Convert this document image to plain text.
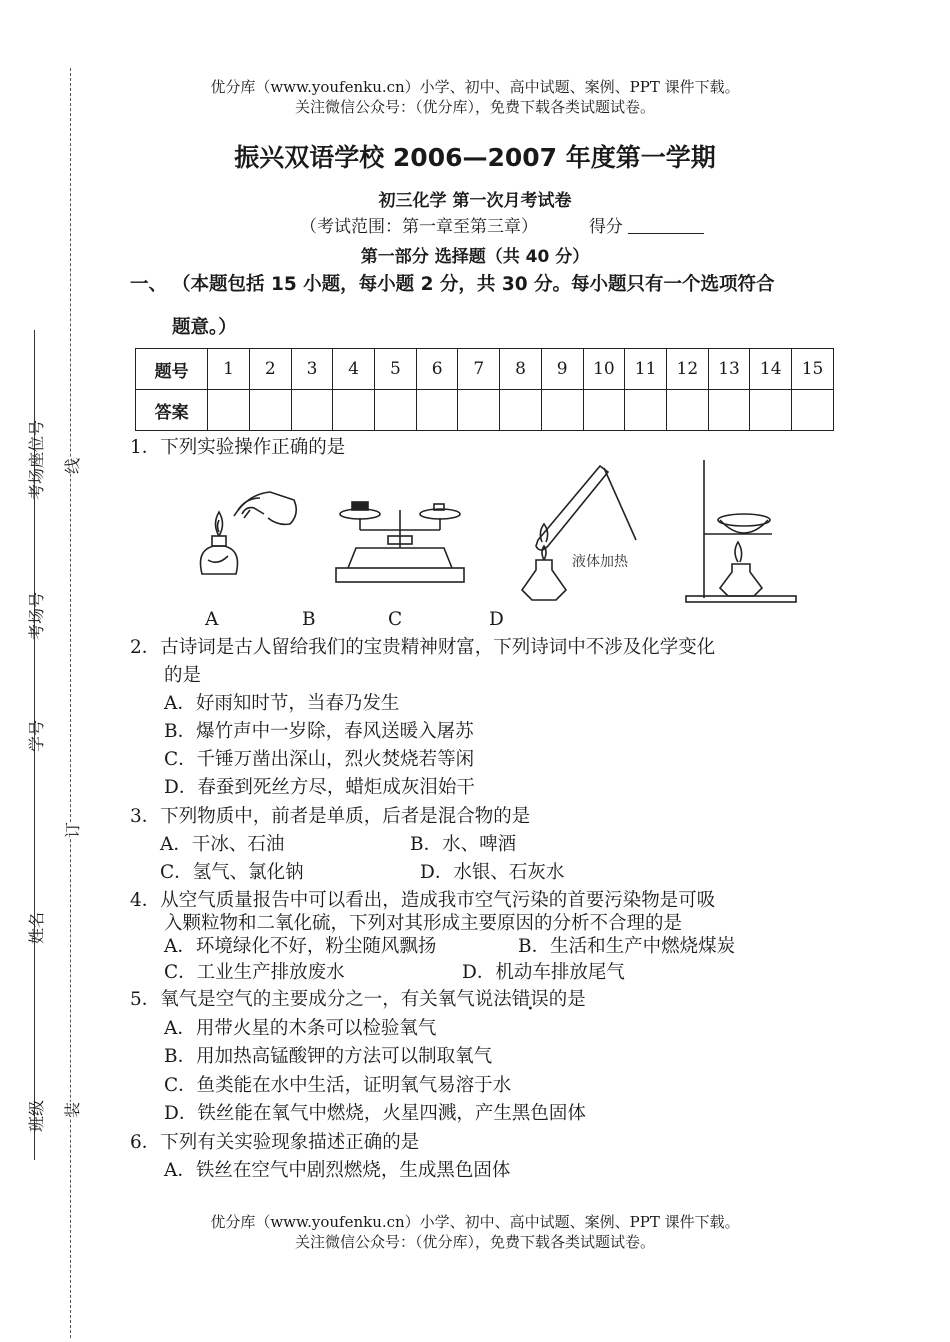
考场座位号
考场号
学号
姓名
班级
线
订
装
优分库（www.youfenku.cn）小学、初中、高中试题、案例、PPT 课件下载。
关注微信公众号：（优分库），免费下载各类试题试卷。
振兴双语学校 2006—2007 年度第一学期
初三化学 第一次月考试卷
（考试范围：第一章至第三章）	得分
第一部分 选择题（共 40 分）
一、 （本题包括 15 小题，每小题 2 分，共 30 分。每小题只有一个选项符合
题意。）
题号	1	2	3	4	5	6	7	8	9	10	11	12	13	14	15
答案															
1．下列实验操作正确的是
液体加热
A	B	C	D
2．古诗词是古人留给我们的宝贵精神财富，下列诗词中不涉及化学变化
的是
A．好雨知时节，当春乃发生
B．爆竹声中一岁除，春风送暖入屠苏
C．千锤万凿出深山，烈火焚烧若等闲
D．春蚕到死丝方尽，蜡炬成灰泪始干
3．下列物质中，前者是单质，后者是混合物的是
A．干冰、石油	B．水、啤酒
C．氢气、氯化钠	D．水银、石灰水
4．从空气质量报告中可以看出，造成我市空气污染的首要污染物是可吸
入颗粒物和二氧化硫，下列对其形成主要原因的分析不合理的是
A．环境绿化不好，粉尘随风飘扬	B．生活和生产中燃烧煤炭
C．工业生产排放废水	D．机动车排放尾气
5．氧气是空气的主要成分之一，有关氧气说法错误的是
A．用带火星的木条可以检验氧气
B．用加热高锰酸钾的方法可以制取氧气
C．鱼类能在水中生活，证明氧气易溶于水
D．铁丝能在氧气中燃烧，火星四溅，产生黑色固体
6．下列有关实验现象描述正确的是
A．铁丝在空气中剧烈燃烧，生成黑色固体
优分库（www.youfenku.cn）小学、初中、高中试题、案例、PPT 课件下载。
关注微信公众号：（优分库），免费下载各类试题试卷。
